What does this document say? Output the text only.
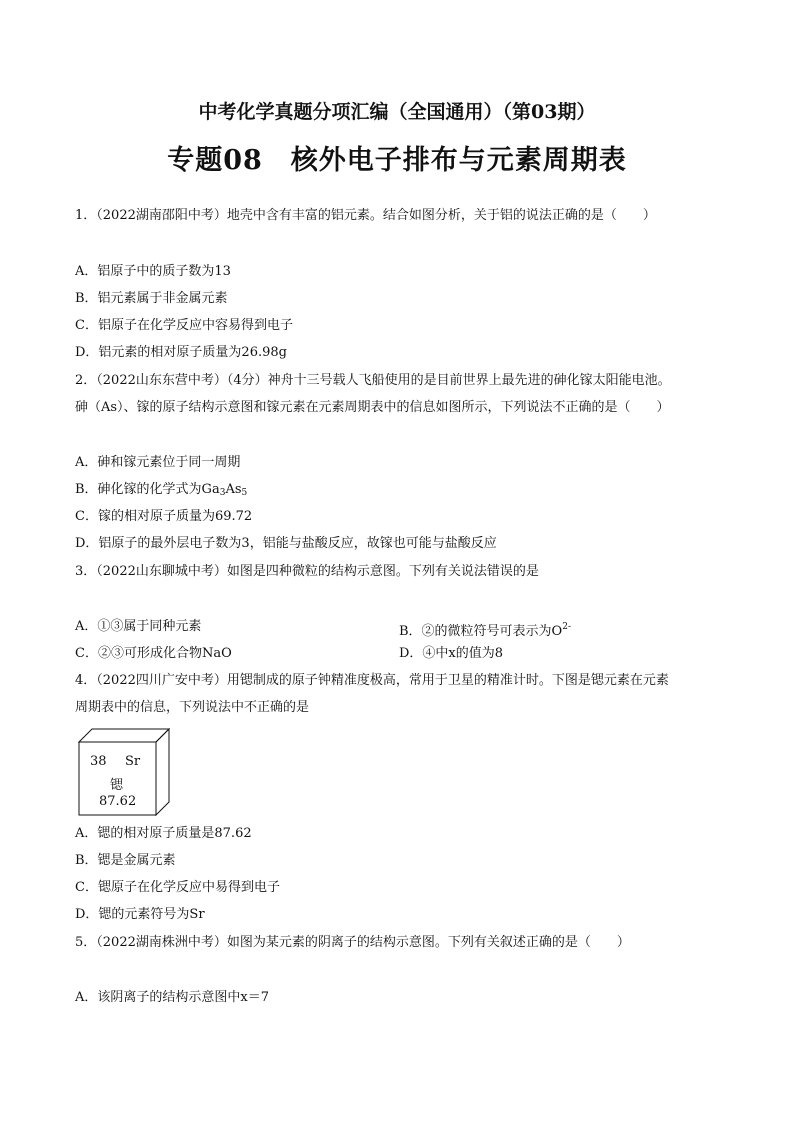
中考化学真题分项汇编（全国通用）（第03期）
专题08　核外电子排布与元素周期表
1．（2022湖南邵阳中考）地壳中含有丰富的铝元素。结合如图分析，关于铝的说法正确的是（　　）
A．铝原子中的质子数为13
B．铝元素属于非金属元素
C．铝原子在化学反应中容易得到电子
D．铝元素的相对原子质量为26.98g
2．（2022山东东营中考）（4分）神舟十三号载人飞船使用的是目前世界上最先进的砷化镓太阳能电池。
砷（As）、镓的原子结构示意图和镓元素在元素周期表中的信息如图所示，下列说法不正确的是（　　）
A．砷和镓元素位于同一周期
B．砷化镓的化学式为$Ga_3As_5$
C．镓的相对原子质量为69.72
D．铝原子的最外层电子数为3，铝能与盐酸反应，故镓也可能与盐酸反应
3．（2022山东聊城中考）如图是四种微粒的结构示意图。下列有关说法错误的是
A．①③属于同种元素	B．②的微粒符号可表示为$O^{2-}$
C．②③可形成化合物NaO	D．④中x的值为8
4．（2022四川广安中考）用锶制成的原子钟精准度极高，常用于卫星的精准计时。下图是锶元素在元素
周期表中的信息，下列说法中不正确的是
38 Sr
锶
87.62
A．锶的相对原子质量是87.62
B．锶是金属元素
C．锶原子在化学反应中易得到电子
D．锶的元素符号为Sr
5．（2022湖南株洲中考）如图为某元素的阴离子的结构示意图。下列有关叙述正确的是（　　）
A．该阴离子的结构示意图中x＝7
